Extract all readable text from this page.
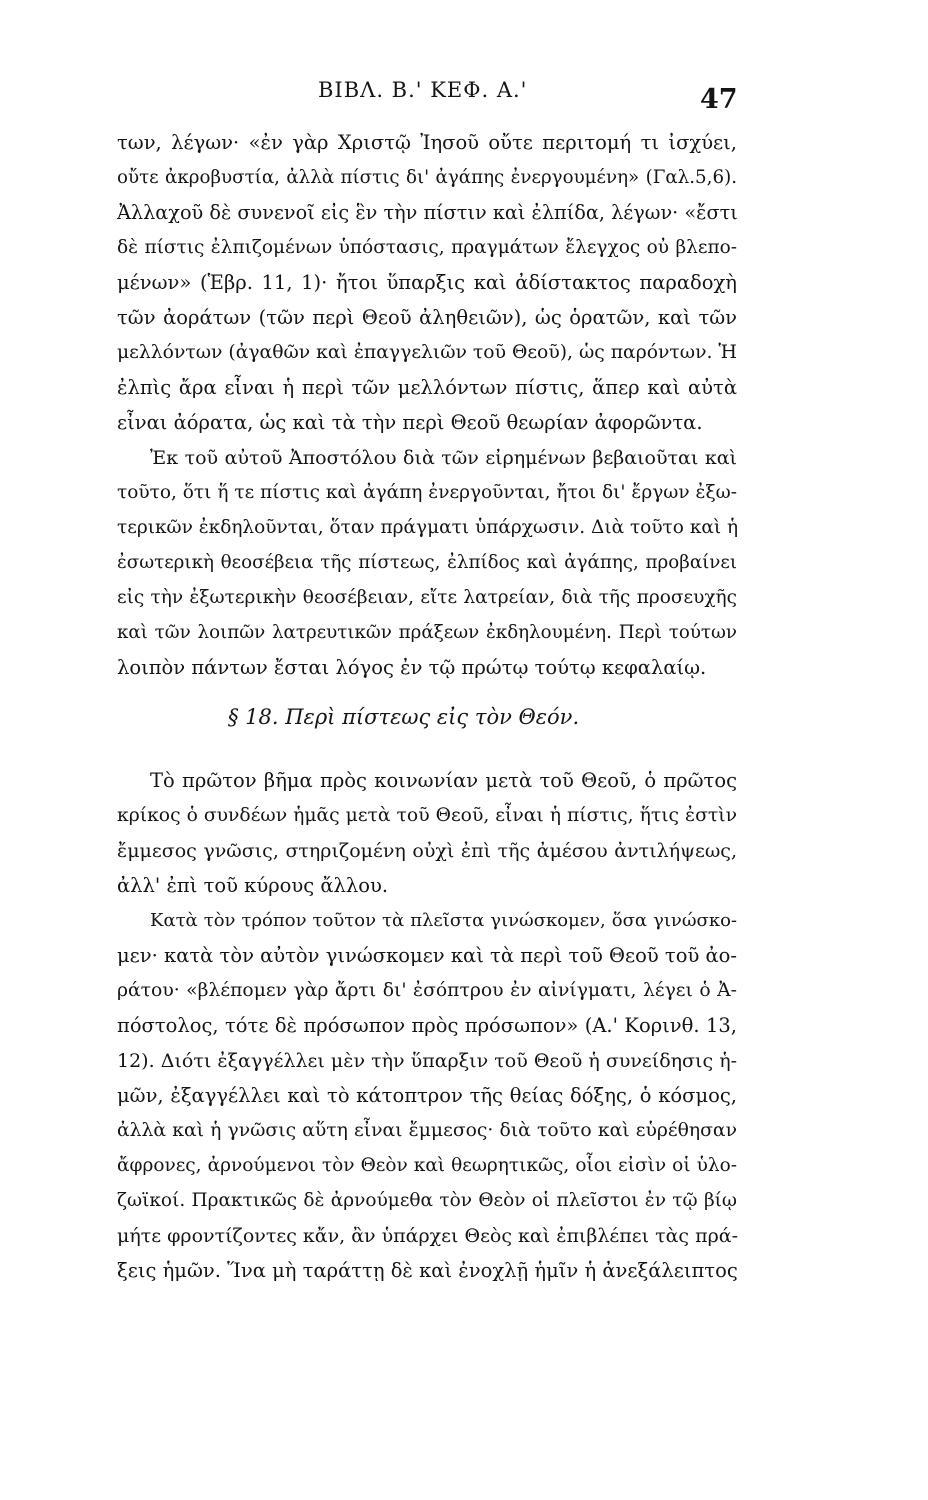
BIBΛ. B.' KEΦ. A.'	47
των, λέγων· «ἐν γὰρ Χριστῷ Ἰησοῦ οὔτε περιτομή τι ἰσχύει,
οὔτε ἀκροβυστία, ἀλλὰ πίστις δι' ἀγάπης ἐνεργουμένη» (Γαλ.5,6).
Ἀλλαχοῦ δὲ συνενοῖ εἰς ἓν τὴν πίστιν καὶ ἐλπίδα, λέγων· «ἔστι
δὲ πίστις ἐλπιζομένων ὑπόστασις, πραγμάτων ἔλεγχος οὐ βλεπο-
μένων» (Ἑβρ. 11, 1)· ἤτοι ὕπαρξις καὶ ἀδίστακτος παραδοχὴ
τῶν ἀοράτων (τῶν περὶ Θεοῦ ἀληθειῶν), ὡς ὁρατῶν, καὶ τῶν
μελλόντων (ἀγαθῶν καὶ ἐπαγγελιῶν τοῦ Θεοῦ), ὡς παρόντων. Ἡ
ἐλπὶς ἄρα εἶναι ἡ περὶ τῶν μελλόντων πίστις, ἅπερ καὶ αὐτὰ
εἶναι ἀόρατα, ὡς καὶ τὰ τὴν περὶ Θεοῦ θεωρίαν ἀφορῶντα.
Ἐκ τοῦ αὐτοῦ Ἀποστόλου διὰ τῶν εἰρημένων βεβαιοῦται καὶ
τοῦτο, ὅτι ἥ τε πίστις καὶ ἀγάπη ἐνεργοῦνται, ἤτοι δι' ἔργων ἐξω-
τερικῶν ἐκδηλοῦνται, ὅταν πράγματι ὑπάρχωσιν. Διὰ τοῦτο καὶ ἡ
ἐσωτερικὴ θεοσέβεια τῆς πίστεως, ἐλπίδος καὶ ἀγάπης, προβαίνει
εἰς τὴν ἐξωτερικὴν θεοσέβειαν, εἴτε λατρείαν, διὰ τῆς προσευχῆς
καὶ τῶν λοιπῶν λατρευτικῶν πράξεων ἐκδηλουμένη. Περὶ τούτων
λοιπὸν πάντων ἔσται λόγος ἐν τῷ πρώτῳ τούτῳ κεφαλαίῳ.
§ 18. Περὶ πίστεως εἰς τὸν Θεόν.
Τὸ πρῶτον βῆμα πρὸς κοινωνίαν μετὰ τοῦ Θεοῦ, ὁ πρῶτος
κρίκος ὁ συνδέων ἡμᾶς μετὰ τοῦ Θεοῦ, εἶναι ἡ πίστις, ἥτις ἐστὶν
ἔμμεσος γνῶσις, στηριζομένη οὐχὶ ἐπὶ τῆς ἀμέσου ἀντιλήψεως,
ἀλλ' ἐπὶ τοῦ κύρους ἄλλου.
Κατὰ τὸν τρόπον τοῦτον τὰ πλεῖστα γινώσκομεν, ὅσα γινώσκο-
μεν· κατὰ τὸν αὐτὸν γινώσκομεν καὶ τὰ περὶ τοῦ Θεοῦ τοῦ ἀο-
ράτου· «βλέπομεν γὰρ ἄρτι δι' ἐσόπτρου ἐν αἰνίγματι, λέγει ὁ Ἀ-
πόστολος, τότε δὲ πρόσωπον πρὸς πρόσωπον» (A.' Κορινθ. 13,
12). Διότι ἐξαγγέλλει μὲν τὴν ὕπαρξιν τοῦ Θεοῦ ἡ συνείδησις ἡ-
μῶν, ἐξαγγέλλει καὶ τὸ κάτοπτρον τῆς θείας δόξης, ὁ κόσμος,
ἀλλὰ καὶ ἡ γνῶσις αὕτη εἶναι ἔμμεσος· διὰ τοῦτο καὶ εὑρέθησαν
ἄφρονες, ἀρνούμενοι τὸν Θεὸν καὶ θεωρητικῶς, οἷοι εἰσὶν οἱ ὑλο-
ζωϊκοί. Πρακτικῶς δὲ ἀρνούμεθα τὸν Θεὸν οἱ πλεῖστοι ἐν τῷ βίῳ
μήτε φροντίζοντες κἄν, ἂν ὑπάρχει Θεὸς καὶ ἐπιβλέπει τὰς πρά-
ξεις ἡμῶν. Ἵνα μὴ ταράττῃ δὲ καὶ ἐνοχλῇ ἡμῖν ἡ ἀνεξάλειπτος
